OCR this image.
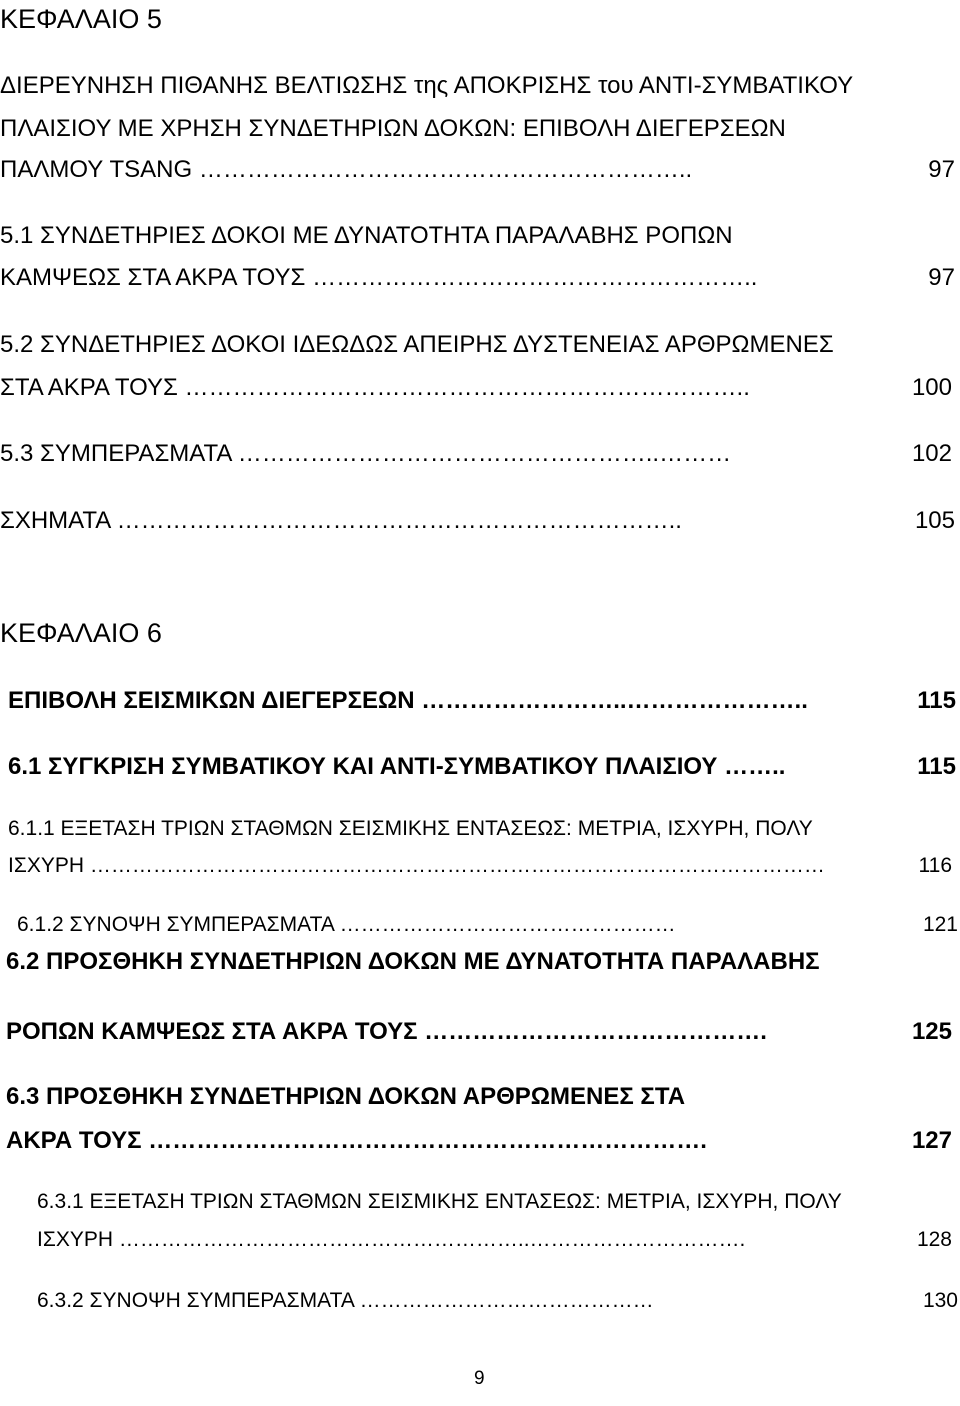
ΚΕΦΑΛΑΙΟ 5
ΔΙΕΡΕΥΝΗΣΗ ΠΙΘΑΝΗΣ ΒΕΛΤΙΩΣΗΣ της ΑΠΟΚΡΙΣΗΣ του ΑΝΤΙ-ΣΥΜΒΑΤΙΚΟΥ
ΠΛΑΙΣΙΟΥ ΜΕ ΧΡΗΣΗ ΣΥΝΔΕΤΗΡΙΩΝ ΔΟΚΩΝ: ΕΠΙΒΟΛΗ ΔΙΕΓΕΡΣΕΩΝ
ΠΑΛΜΟΥ TSANG ……………………………………………………..	97
5.1 ΣΥΝΔΕΤΗΡΙΕΣ ΔΟΚΟΙ ΜΕ ΔΥΝΑΤΟΤΗΤΑ ΠΑΡΑΛΑΒΗΣ ΡΟΠΩΝ
ΚΑΜΨΕΩΣ ΣΤΑ ΑΚΡΑ ΤΟΥΣ ………………………………………………..	97
5.2 ΣΥΝΔΕΤΗΡΙΕΣ ΔΟΚΟΙ ΙΔΕΩΔΩΣ ΑΠΕΙΡΗΣ ΔΥΣΤΕΝΕΙΑΣ ΑΡΘΡΩΜΕΝΕΣ
ΣΤΑ ΑΚΡΑ ΤΟΥΣ ……………………………………………………………..	100
5.3 ΣΥΜΠΕΡΑΣΜΑΤΑ ……………………………………………..………	102
ΣΧΗΜΑΤΑ ……………………………………………………………..	105
ΚΕΦΑΛΑΙΟ 6
ΕΠΙΒΟΛΗ ΣΕΙΣΜΙΚΩΝ ΔΙΕΓΕΡΣΕΩΝ ……………………..…………………..	115
6.1 ΣΥΓΚΡΙΣΗ ΣΥΜΒΑΤΙΚΟΥ ΚΑΙ ΑΝΤΙ-ΣΥΜΒΑΤΙΚΟΥ ΠΛΑΙΣΙΟΥ ……..	115
6.1.1 ΕΞΕΤΑΣΗ ΤΡΙΩΝ ΣΤΑΘΜΩΝ ΣΕΙΣΜΙΚΗΣ ΕΝΤΑΣΕΩΣ: ΜΕΤΡΙΑ, ΙΣΧΥΡΗ, ΠΟΛΥ
ΙΣΧΥΡΗ ……………………………………………………………………………………………	116
6.1.2 ΣΥΝΟΨΗ ΣΥΜΠΕΡΑΣΜΑΤΑ …………………………………………	121
6.2 ΠΡΟΣΘΗΚΗ ΣΥΝΔΕΤΗΡΙΩΝ ΔΟΚΩΝ ΜΕ ΔΥΝΑΤΟΤΗΤΑ ΠΑΡΑΛΑΒΗΣ
ΡΟΠΩΝ ΚΑΜΨΕΩΣ ΣΤΑ ΑΚΡΑ ΤΟΥΣ …………………………………….	125
6.3 ΠΡΟΣΘΗΚΗ ΣΥΝΔΕΤΗΡΙΩΝ ΔΟΚΩΝ ΑΡΘΡΩΜΕΝΕΣ ΣΤΑ
ΑΚΡΑ ΤΟΥΣ …………………………………………………………….	127
6.3.1 ΕΞΕΤΑΣΗ ΤΡΙΩΝ ΣΤΑΘΜΩΝ ΣΕΙΣΜΙΚΗΣ ΕΝΤΑΣΕΩΣ: ΜΕΤΡΙΑ, ΙΣΧΥΡΗ, ΠΟΛΥ
ΙΣΧΥΡΗ …………………………………………………..………………………….	128
6.3.2 ΣΥΝΟΨΗ ΣΥΜΠΕΡΑΣΜΑΤΑ ……………………………………	130
9
